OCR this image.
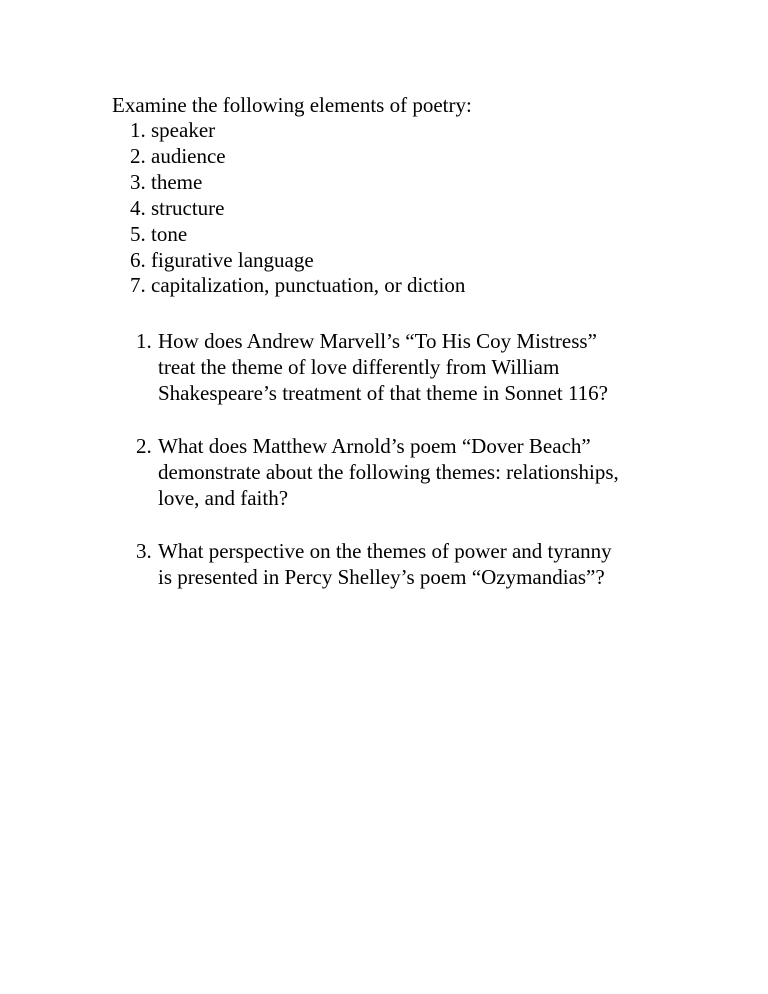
Examine the following elements of poetry:
1. speaker
2. audience
3. theme
4. structure
5. tone
6. figurative language
7. capitalization, punctuation, or diction
1. How does Andrew Marvell’s “To His Coy Mistress”
treat the theme of love differently from William
Shakespeare’s treatment of that theme in Sonnet 116?
2. What does Matthew Arnold’s poem “Dover Beach”
demonstrate about the following themes: relationships,
love, and faith?
3. What perspective on the themes of power and tyranny
is presented in Percy Shelley’s poem “Ozymandias”?
